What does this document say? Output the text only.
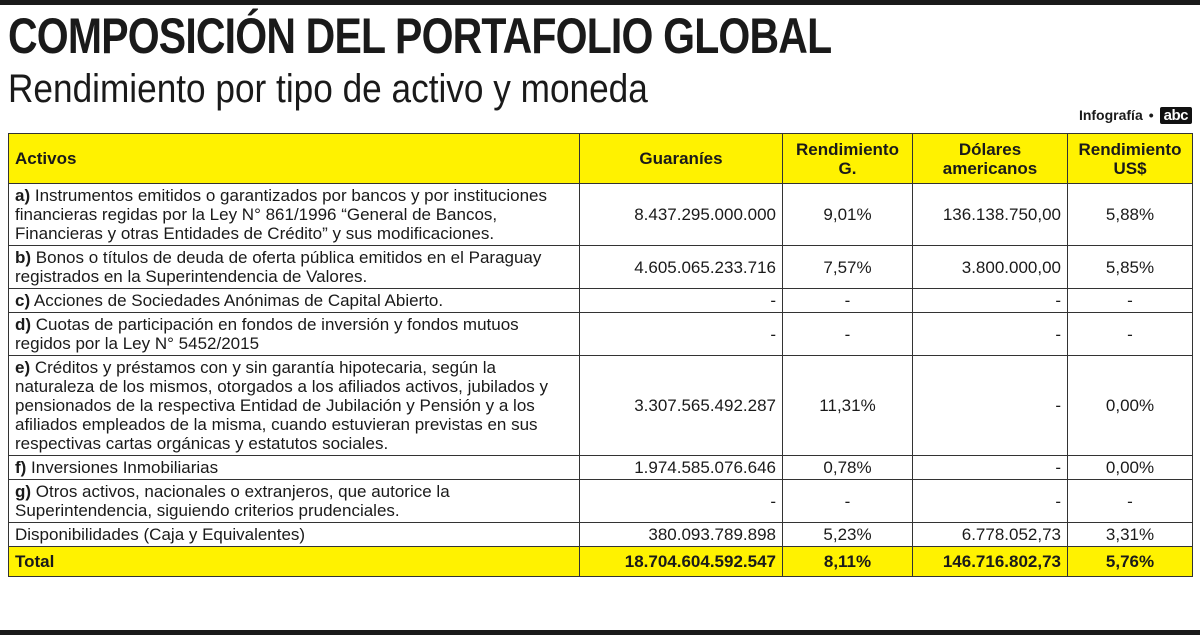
COMPOSICIÓN DEL PORTAFOLIO GLOBAL
Rendimiento por tipo de activo y moneda
Infografía • abc
Activos	Guaraníes	Rendimiento G.	Dólares americanos	Rendimiento US$
a) Instrumentos emitidos o garantizados por bancos y por instituciones financieras regidas por la Ley N° 861/1996 “General de Bancos, Financieras y otras Entidades de Crédito” y sus modificaciones.	8.437.295.000.000	9,01%	136.138.750,00	5,88%
b) Bonos o títulos de deuda de oferta pública emitidos en el Paraguay registrados en la Superintendencia de Valores.	4.605.065.233.716	7,57%	3.800.000,00	5,85%
c) Acciones de Sociedades Anónimas de Capital Abierto.	-	-	-	-
d) Cuotas de participación en fondos de inversión y fondos mutuos regidos por la Ley N° 5452/2015	-	-	-	-
e) Créditos y préstamos con y sin garantía hipotecaria, según la naturaleza de los mismos, otorgados a los afiliados activos, jubilados y pensionados de la respectiva Entidad de Jubilación y Pensión y a los afiliados empleados de la misma, cuando estuvieran previstas en sus respectivas cartas orgánicas y estatutos sociales.	3.307.565.492.287	11,31%	-	0,00%
f) Inversiones Inmobiliarias	1.974.585.076.646	0,78%	-	0,00%
g) Otros activos, nacionales o extranjeros, que autorice la Superintendencia, siguiendo criterios prudenciales.	-	-	-	-
Disponibilidades (Caja y Equivalentes)	380.093.789.898	5,23%	6.778.052,73	3,31%
Total	18.704.604.592.547	8,11%	146.716.802,73	5,76%
